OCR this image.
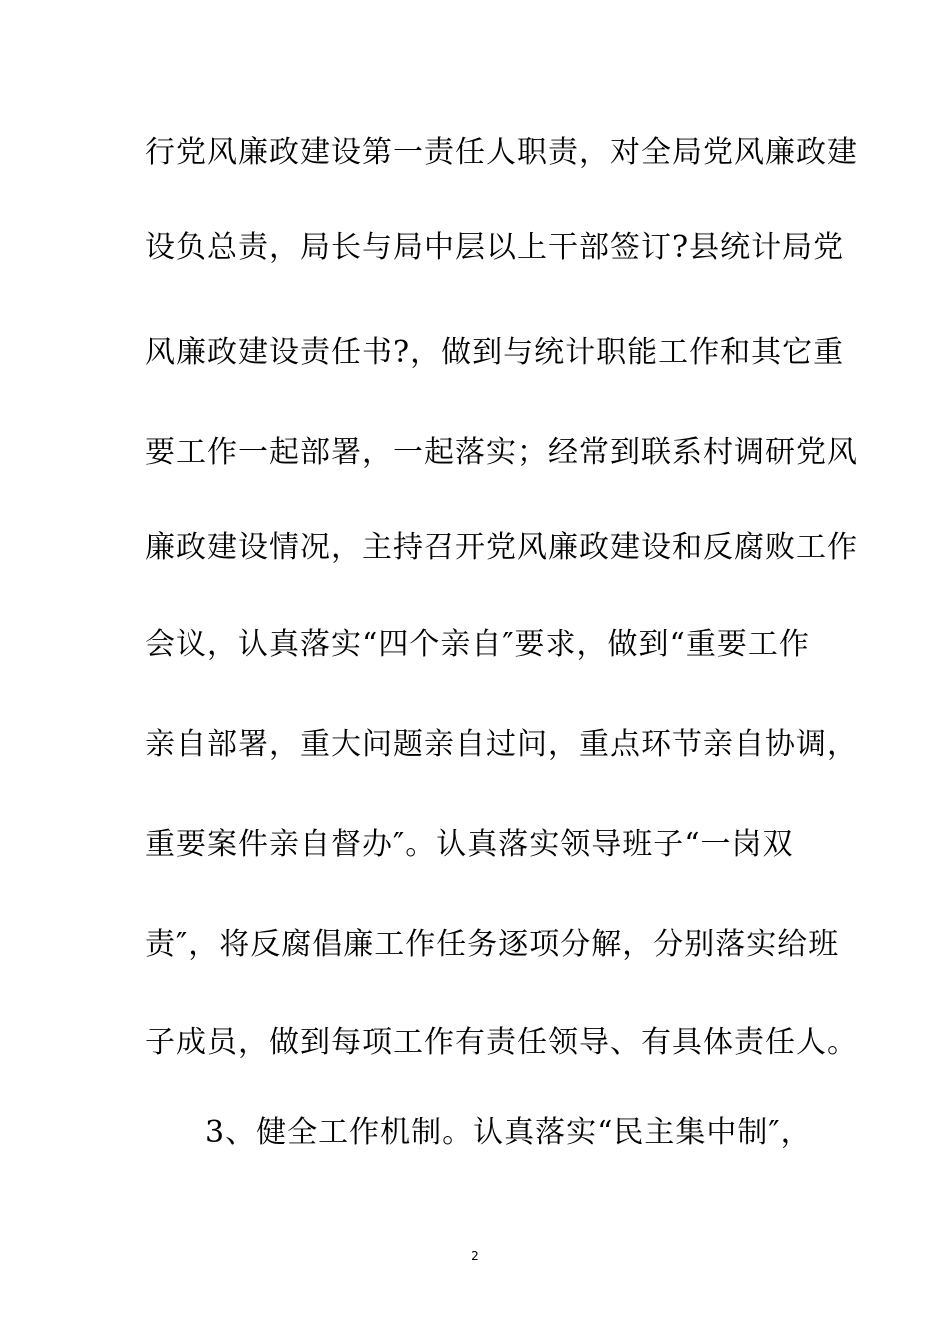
行党风廉政建设第一责任人职责，对全局党风廉政建
设负总责，局长与局中层以上干部签订?县统计局党
风廉政建设责任书?，做到与统计职能工作和其它重
要工作一起部署，一起落实；经常到联系村调研党风
廉政建设情况，主持召开党风廉政建设和反腐败工作
会议，认真落实“四个亲自″要求，做到“重要工作
亲自部署，重大问题亲自过问，重点环节亲自协调，
重要案件亲自督办″。认真落实领导班子“一岗双
责″，将反腐倡廉工作任务逐项分解，分别落实给班
子成员，做到每项工作有责任领导、有具体责任人。
3、健全工作机制。认真落实“民主集中制″，
2
